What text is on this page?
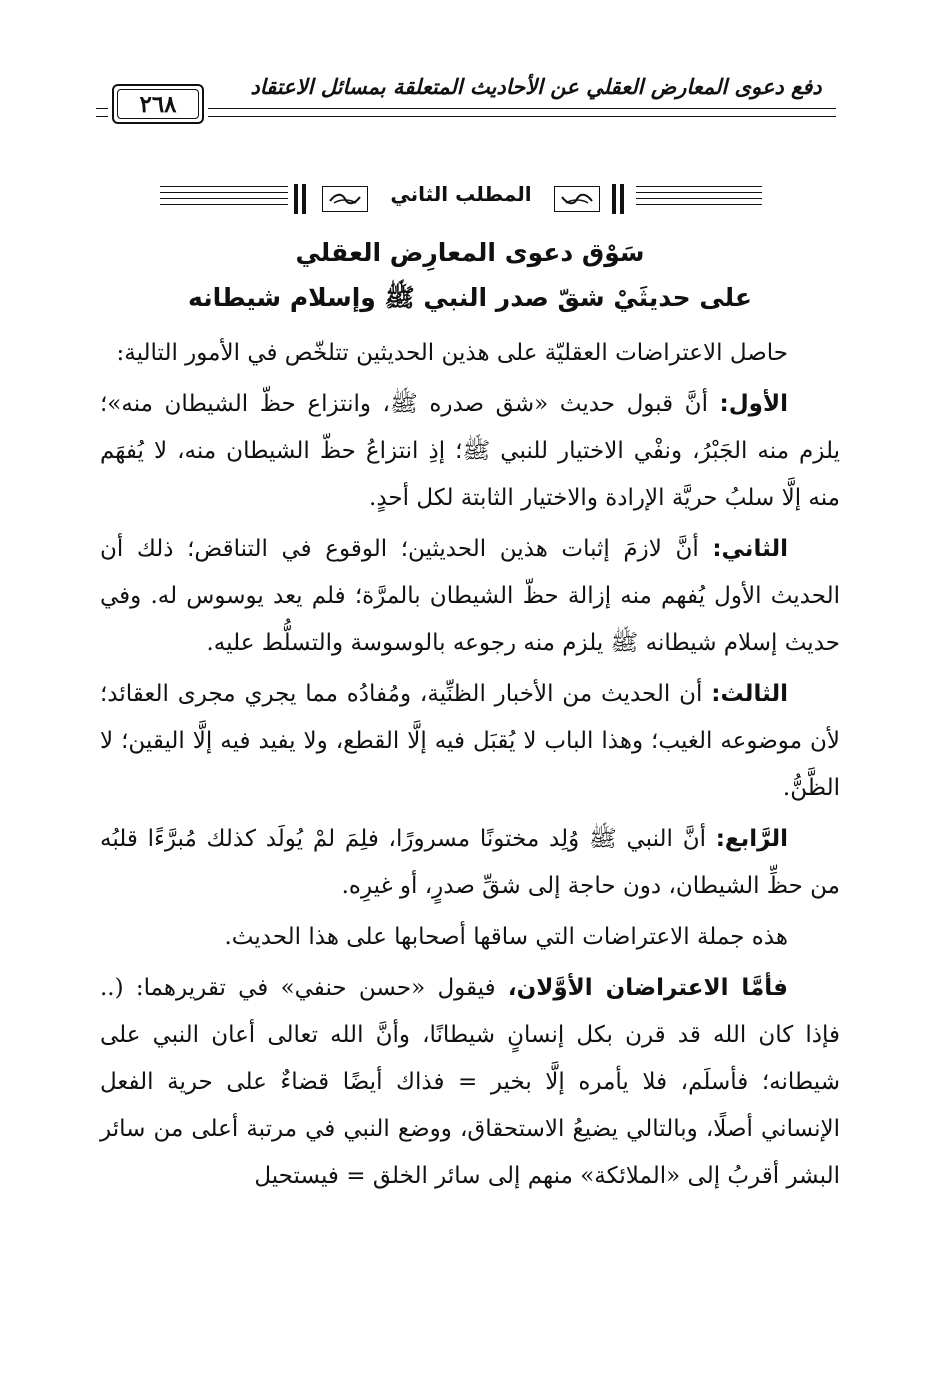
دفع دعوى المعارض العقلي عن الأحاديث المتعلقة بمسائل الاعتقاد
٢٦٨
المطلب الثاني
سَوْق دعوى المعارِض العقلي
على حديثَيْ شقّ صدر النبي ﷺ وإسلام شيطانه

حاصل الاعتراضات العقليّة على هذين الحديثين تتلخّص في الأمور التالية:

الأول: أنَّ قبول حديث «شق صدره ﷺ، وانتزاع حظّ الشيطان منه»؛ يلزم منه الجَبْرُ، ونفْي الاختيار للنبي ﷺ؛ إذِ انتزاعُ حظّ الشيطان منه، لا يُفهَم منه إلَّا سلبُ حريَّة الإرادة والاختيار الثابتة لكل أحدٍ.

الثاني: أنَّ لازمَ إثبات هذين الحديثين؛ الوقوع في التناقض؛ ذلك أن الحديث الأول يُفهم منه إزالة حظّ الشيطان بالمرَّة؛ فلم يعد يوسوس له. وفي حديث إسلام شيطانه ﷺ يلزم منه رجوعه بالوسوسة والتسلُّط عليه.

الثالث: أن الحديث من الأخبار الظنِّية، ومُفادُه مما يجري مجرى العقائد؛ لأن موضوعه الغيب؛ وهذا الباب لا يُقبَل فيه إلَّا القطع، ولا يفيد فيه إلَّا اليقين؛ لا الظَّنُّ.

الرَّابع: أنَّ النبي ﷺ وُلِد مختونًا مسرورًا، فلِمَ لمْ يُولَد كذلك مُبرَّءًا قلبُه من حظِّ الشيطان، دون حاجة إلى شقِّ صدرٍ، أو غيرِه.

هذه جملة الاعتراضات التي ساقها أصحابها على هذا الحديث.

فأمَّا الاعتراضان الأوَّلان، فيقول «حسن حنفي» في تقريرهما: (.. فإذا كان الله قد قرن بكل إنسانٍ شيطانًا، وأنَّ الله تعالى أعان النبي على شيطانه؛ فأسلَم، فلا يأمره إلَّا بخير = فذاك أيضًا قضاءٌ على حرية الفعل الإنساني أصلًا، وبالتالي يضيعُ الاستحقاق، ووضع النبي في مرتبة أعلى من سائر البشر أقربُ إلى «الملائكة» منهم إلى سائر الخلق = فيستحيل
